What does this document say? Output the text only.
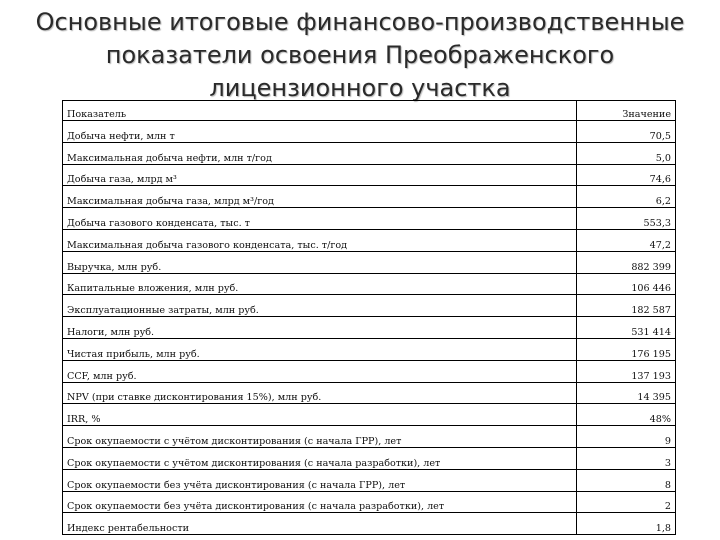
Основные итоговые финансово-производственные
показатели освоения Преображенского
лицензионного участка
Показатель	Значение
Добыча нефти, млн т	70,5
Максимальная добыча нефти, млн т/год	5,0
Добыча газа, млрд м³	74,6
Максимальная добыча газа, млрд м³/год	6,2
Добыча газового конденсата, тыс. т	553,3
Максимальная добыча газового конденсата, тыс. т/год	47,2
Выручка, млн руб.	882 399
Капитальные вложения, млн руб.	106 446
Эксплуатационные затраты, млн руб.	182 587
Налоги, млн руб.	531 414
Чистая прибыль, млн руб.	176 195
CCF, млн руб.	137 193
NPV (при ставке дисконтирования 15%), млн руб.	14 395
IRR, %	48%
Срок окупаемости с учётом дисконтирования (с начала ГРР), лет	9
Срок окупаемости с учётом дисконтирования (с начала разработки), лет	3
Срок окупаемости без учёта дисконтирования (с начала ГРР), лет	8
Срок окупаемости без учёта дисконтирования (с начала разработки), лет	2
Индекс рентабельности	1,8
